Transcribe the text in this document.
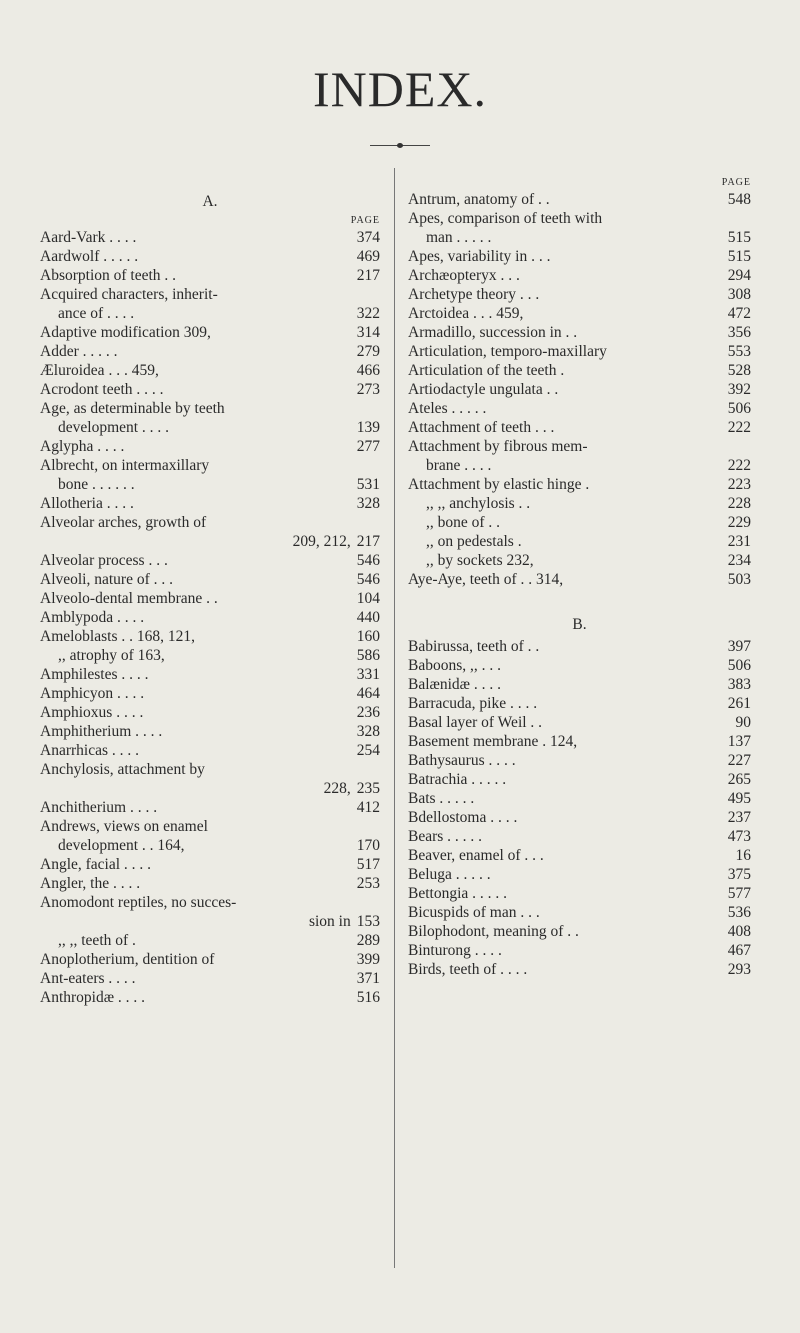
INDEX.
A.
PAGE
Aard-Vark . . . .	374
Aardwolf . . . . .	469
Absorption of teeth . .	217
Acquired characters, inherit-
ance of . . . .	322
Adaptive modification 309,	314
Adder . . . . .	279
Æluroidea . . . 459,	466
Acrodont teeth . . . .	273
Age, as determinable by teeth
development . . . .	139
Aglypha . . . .	277
Albrecht, on intermaxillary
bone . . . . . .	531
Allotheria . . . .	328
Alveolar arches, growth of
209, 212, 217
Alveolar process . . .	546
Alveoli, nature of . . .	546
Alveolo-dental membrane . .	104
Amblypoda . . . .	440
Ameloblasts . . 168, 121,	160
,, atrophy of 163,	586
Amphilestes . . . .	331
Amphicyon . . . .	464
Amphioxus . . . .	236
Amphitherium . . . .	328
Anarrhicas . . . .	254
Anchylosis, attachment by
228, 235
Anchitherium . . . .	412
Andrews, views on enamel
development . . 164,	170
Angle, facial . . . .	517
Angler, the . . . .	253
Anomodont reptiles, no succes-
sion in 153
,, ,, teeth of .	289
Anoplotherium, dentition of	399
Ant-eaters . . . .	371
Anthropidæ . . . .	516
PAGE
Antrum, anatomy of . .	548
Apes, comparison of teeth with
man . . . . .	515
Apes, variability in . . .	515
Archæopteryx . . .	294
Archetype theory . . .	308
Arctoidea . . . 459,	472
Armadillo, succession in . .	356
Articulation, temporo-maxillary	553
Articulation of the teeth .	528
Artiodactyle ungulata . .	392
Ateles . . . . .	506
Attachment of teeth . . .	222
Attachment by fibrous mem-
brane . . . .	222
Attachment by elastic hinge .	223
,, ,, anchylosis . .	228
,, bone of . .	229
,, on pedestals .	231
,, by sockets 232,	234
Aye-Aye, teeth of . . 314,	503
B.
Babirussa, teeth of . .	397
Baboons, ,, . . .	506
Balænidæ . . . .	383
Barracuda, pike . . . .	261
Basal layer of Weil . .	90
Basement membrane . 124,	137
Bathysaurus . . . .	227
Batrachia . . . . .	265
Bats . . . . .	495
Bdellostoma . . . .	237
Bears . . . . .	473
Beaver, enamel of . . .	16
Beluga . . . . .	375
Bettongia . . . . .	577
Bicuspids of man . . .	536
Bilophodont, meaning of . .	408
Binturong . . . .	467
Birds, teeth of . . . .	293
